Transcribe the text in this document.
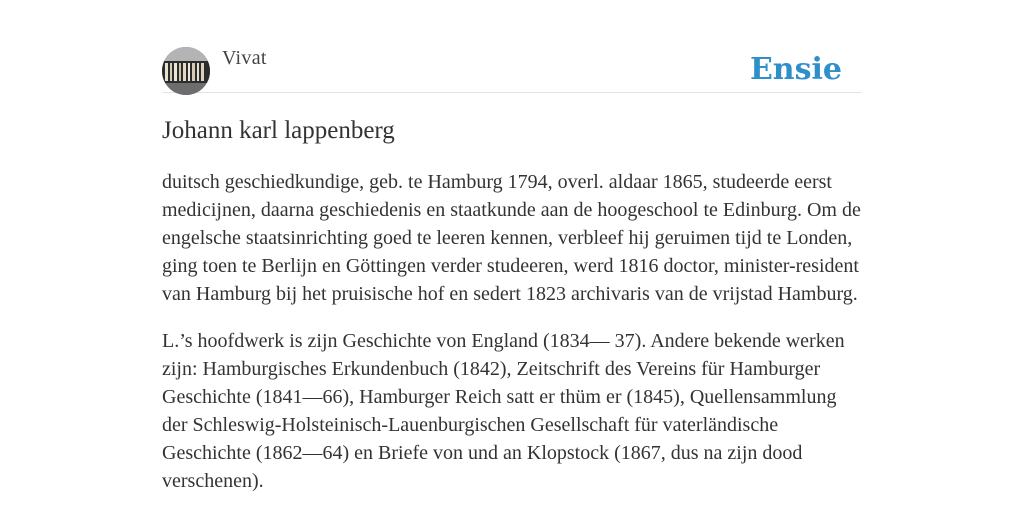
Vivat	Ensie
Johann karl lappenberg

duitsch geschiedkundige, geb. te Hamburg 1794, overl. aldaar 1865, studeerde eerst medicijnen, daarna geschiedenis en staatkunde aan de hoogeschool te Edinburg. Om de engelsche staatsinrichting goed te leeren kennen, verbleef hij geruimen tijd te Londen, ging toen te Berlijn en Göttingen verder studeeren, werd 1816 doctor, minister-resident van Hamburg bij het pruisische hof en sedert 1823 archivaris van de vrijstad Hamburg.

L.’s hoofdwerk is zijn Geschichte von England (1834— 37). Andere bekende werken zijn: Hamburgisches Erkundenbuch (1842), Zeitschrift des Vereins für Hamburger Geschichte (1841—66), Hamburger Reich satt er thüm er (1845), Quellensammlung der Schleswig-Holsteinisch-Lauenburgischen Gesellschaft für vaterländische Geschichte (1862—64) en Briefe von und an Klopstock (1867, dus na zijn dood verschenen).
